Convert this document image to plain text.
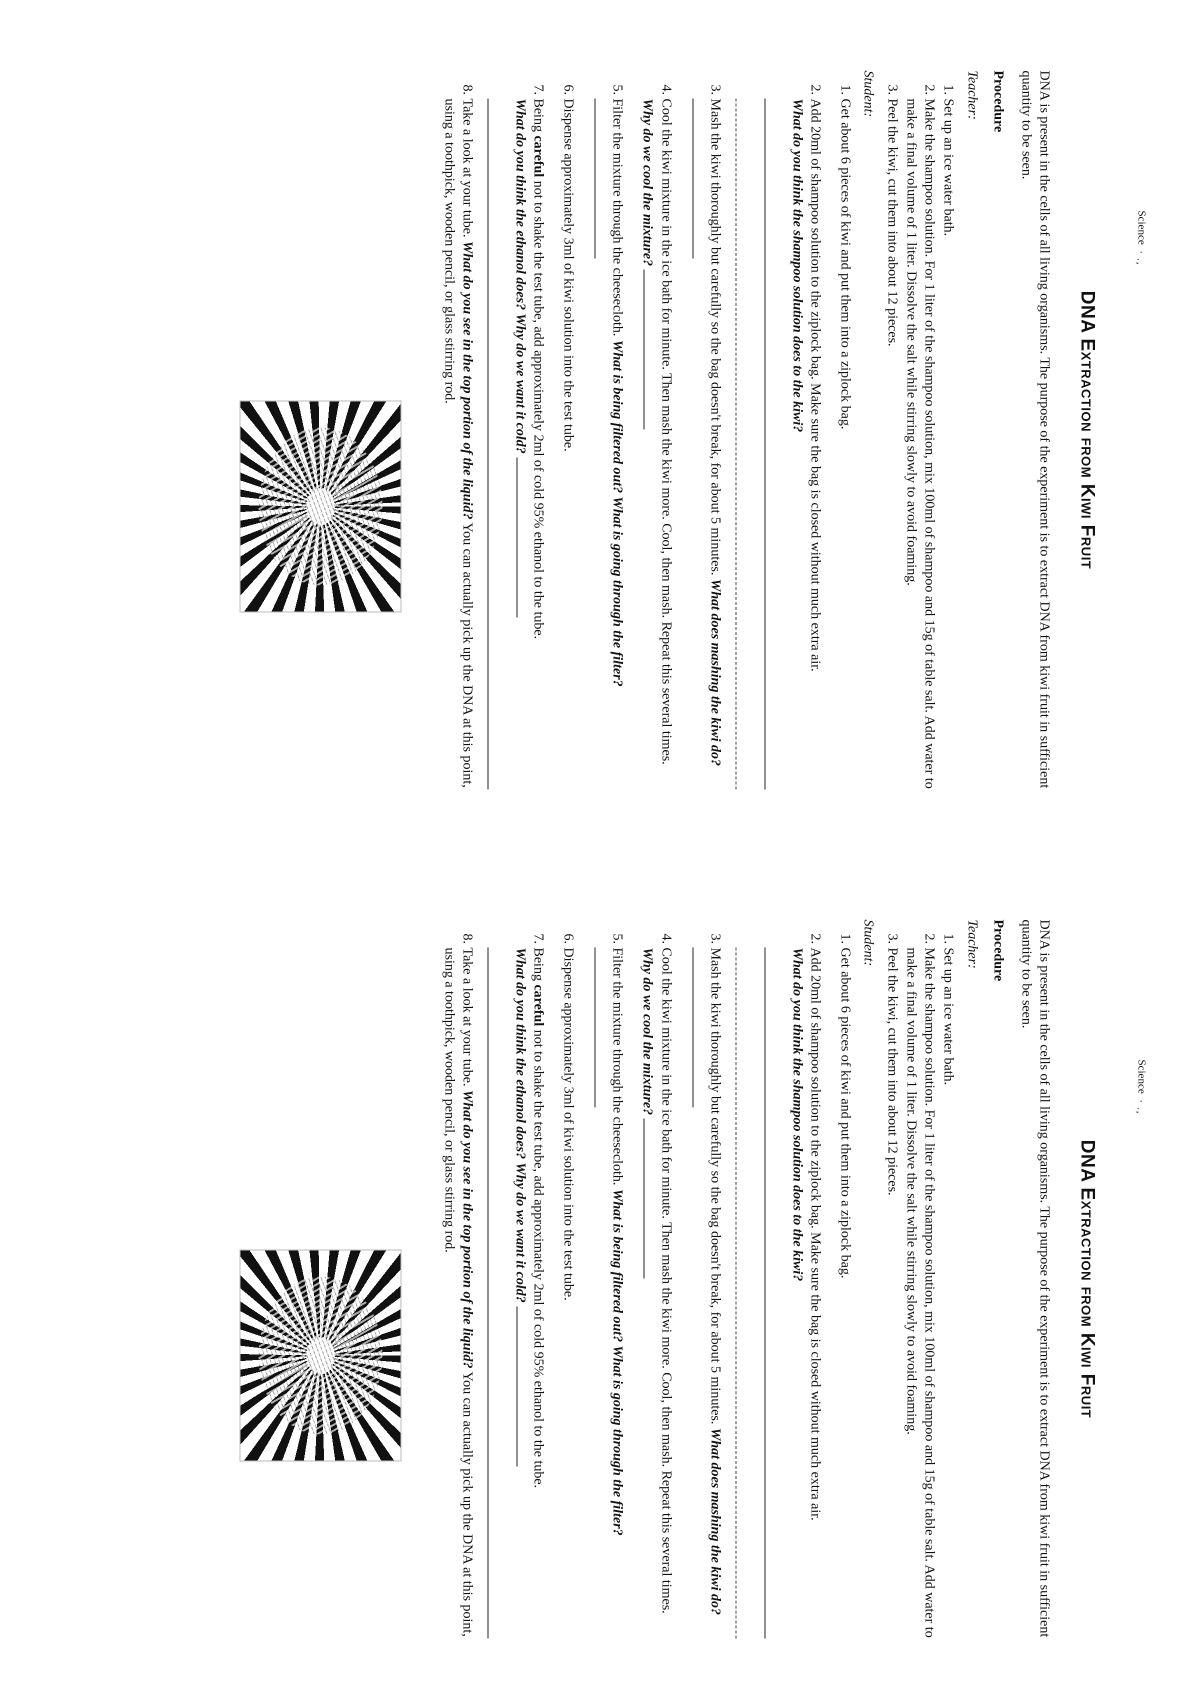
Science
· .,
DNA Extraction from Kiwi Fruit

DNA is present in the cells of all living organisms. The purpose of the experiment is to extract DNA from kiwi fruit in sufficient quantity to be seen.

Procedure
Teacher:
1. Set up an ice water bath.
2. Make the shampoo solution. For 1 liter of the shampoo solution, mix 100ml of shampoo and 15g of table salt. Add water to make a final volume of 1 liter. Dissolve the salt while stirring slowly to avoid foaming.
3. Peel the kiwi, cut them into about 12 pieces.
Student:
1. Get about 6 pieces of kiwi and put them into a ziplock bag.
2. Add 20ml of shampoo solution to the ziplock bag. Make sure the bag is closed without much extra air.
What do you think the shampoo solution does to the kiwi?
3. Mash the kiwi thoroughly but carefully so the bag doesn't break, for about 5 minutes. What does mashing the kiwi do?
4. Cool the kiwi mixture in the ice bath for minute. Then mash the kiwi more. Cool, then mash. Repeat this several times. Why do we cool the mixture?
5. Filter the mixture through the cheesecloth. What is being filtered out? What is going through the filter?
6. Dispense approximately 3ml of kiwi solution into the test tube.
7. Being careful not to shake the test tube, add approximately 2ml of cold 95% ethanol to the tube.
What do you think the ethanol does? Why do we want it cold?
8. Take a look at your tube. What do you see in the top portion of the liquid? You can actually pick up the DNA at this point, using a toothpick, wooden pencil, or glass stirring rod.
Science
· .,
DNA Extraction from Kiwi Fruit

DNA is present in the cells of all living organisms. The purpose of the experiment is to extract DNA from kiwi fruit in sufficient quantity to be seen.

Procedure
Teacher:
1. Set up an ice water bath.
2. Make the shampoo solution. For 1 liter of the shampoo solution, mix 100ml of shampoo and 15g of table salt. Add water to make a final volume of 1 liter. Dissolve the salt while stirring slowly to avoid foaming.
3. Peel the kiwi, cut them into about 12 pieces.
Student:
1. Get about 6 pieces of kiwi and put them into a ziplock bag.
2. Add 20ml of shampoo solution to the ziplock bag. Make sure the bag is closed without much extra air.
What do you think the shampoo solution does to the kiwi?
3. Mash the kiwi thoroughly but carefully so the bag doesn't break, for about 5 minutes. What does mashing the kiwi do?
4. Cool the kiwi mixture in the ice bath for minute. Then mash the kiwi more. Cool, then mash. Repeat this several times. Why do we cool the mixture?
5. Filter the mixture through the cheesecloth. What is being filtered out? What is going through the filter?
6. Dispense approximately 3ml of kiwi solution into the test tube.
7. Being careful not to shake the test tube, add approximately 2ml of cold 95% ethanol to the tube.
What do you think the ethanol does? Why do we want it cold?
8. Take a look at your tube. What do you see in the top portion of the liquid? You can actually pick up the DNA at this point, using a toothpick, wooden pencil, or glass stirring rod.
